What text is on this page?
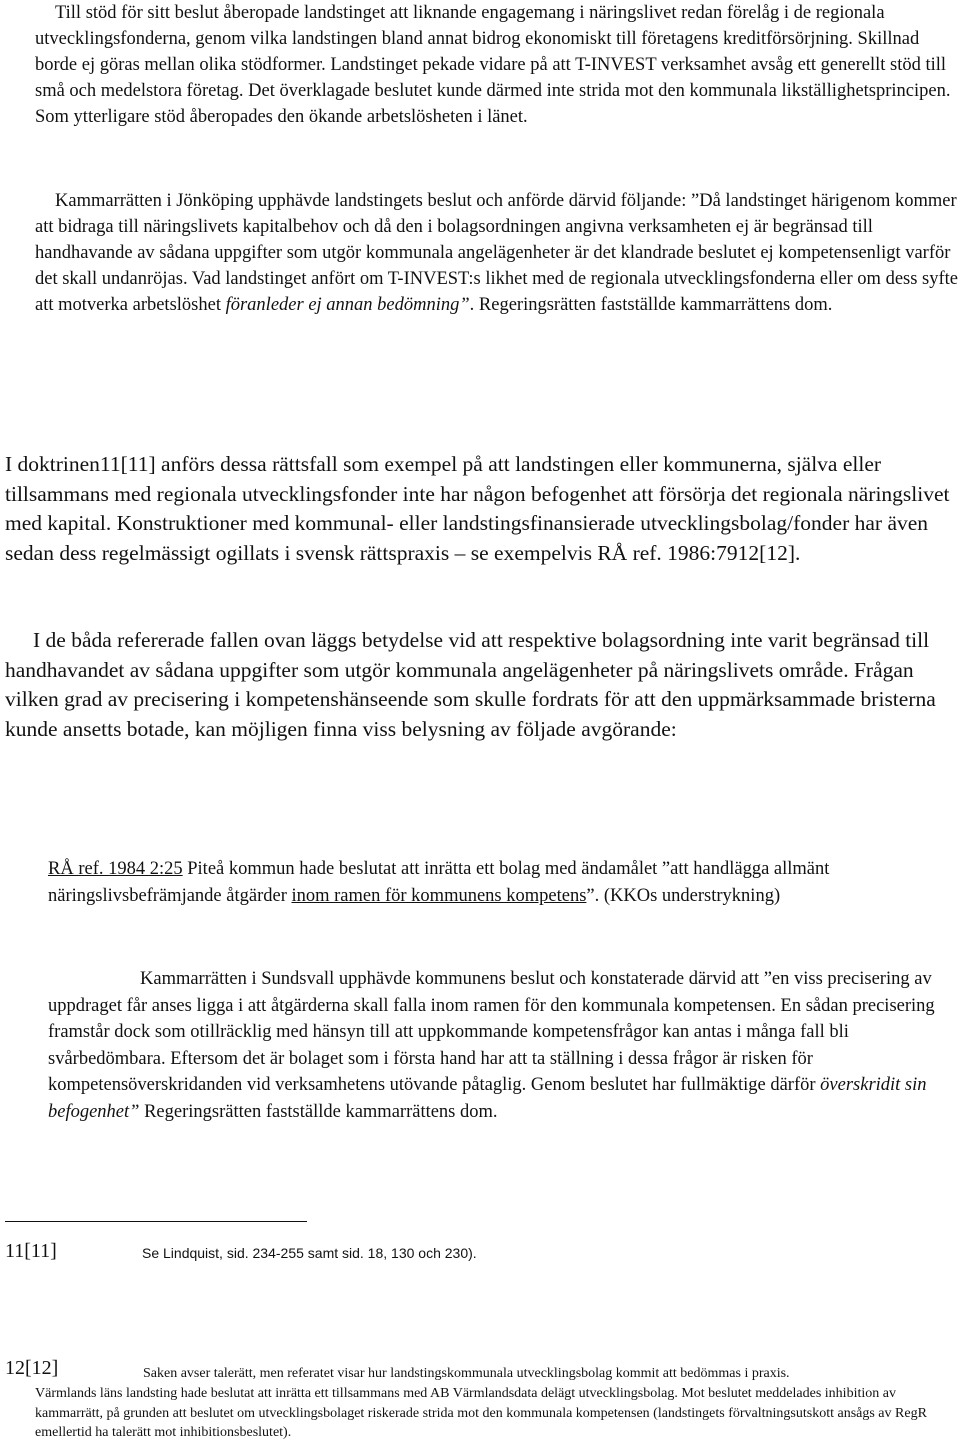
Till stöd för sitt beslut åberopade landstinget att liknande engagemang i näringslivet redan förelåg i de regionala utvecklingsfonderna, genom vilka landstingen bland annat bidrog ekonomiskt till företagens kreditförsörjning. Skillnad borde ej göras mellan olika stödformer. Landstinget pekade vidare på att T-INVEST verksamhet avsåg ett generellt stöd till små och medelstora företag. Det överklagade beslutet kunde därmed inte strida mot den kommunala likställighetsprincipen. Som ytterligare stöd åberopades den ökande arbetslösheten i länet.
Kammarrätten i Jönköping upphävde landstingets beslut och anförde därvid följande: ”Då landstinget härigenom kommer att bidraga till näringslivets kapitalbehov och då den i bolagsordningen angivna verksamheten ej är begränsad till handhavande av sådana uppgifter som utgör kommunala angelägenheter är det klandrade beslutet ej kompetensenligt varför det skall undanröjas. Vad landstinget anfört om T-INVEST:s likhet med de regionala utvecklingsfonderna eller om dess syfte att motverka arbetslöshet föranleder ej annan bedömning”. Regeringsrätten fastställde kammarrättens dom.
I doktrinen11[11] anförs dessa rättsfall som exempel på att landstingen eller kommunerna, själva eller tillsammans med regionala utvecklingsfonder inte har någon befogenhet att försörja det regionala näringslivet med kapital. Konstruktioner med kommunal- eller landstingsfinansierade utvecklingsbolag/fonder har även sedan dess regelmässigt ogillats i svensk rättspraxis – se exempelvis RÅ ref. 1986:7912[12].
I de båda refererade fallen ovan läggs betydelse vid att respektive bolagsordning inte varit begränsad till handhavandet av sådana uppgifter som utgör kommunala angelägenheter på näringslivets område. Frågan vilken grad av precisering i kompetenshänseende som skulle fordrats för att den uppmärksammade bristerna kunde ansetts botade, kan möjligen finna viss belysning av följade avgörande:
RÅ ref. 1984 2:25 Piteå kommun hade beslutat att inrätta ett bolag med ändamålet ”att handlägga allmänt näringslivsbefrämjande åtgärder inom ramen för kommunens kompetens”. (KKOs understrykning)
Kammarrätten i Sundsvall upphävde kommunens beslut och konstaterade därvid att ”en viss precisering av uppdraget får anses ligga i att åtgärderna skall falla inom ramen för den kommunala kompetensen. En sådan precisering framstår dock som otillräcklig med hänsyn till att uppkommande kompetensfrågor kan antas i många fall bli svårbedömbara. Eftersom det är bolaget som i första hand har att ta ställning i dessa frågor är risken för kompetensöverskridanden vid verksamhetens utövande påtaglig. Genom beslutet har fullmäktige därför överskridit sin befogenhet” Regeringsrätten fastställde kammarrättens dom.
11[11]	Se Lindquist, sid. 234-255 samt sid. 18, 130 och 230).
12[12]	Saken avser talerätt, men referatet visar hur landstingskommunala utvecklingsbolag kommit att bedömmas i praxis.
Värmlands läns landsting hade beslutat att inrätta ett tillsammans med AB Värmlandsdata delägt utvecklingsbolag. Mot beslutet meddelades inhibition av kammarrätt, på grunden att beslutet om utvecklingsbolaget riskerade strida mot den kommunala kompetensen (landstingets förvaltningsutskott ansågs av RegR emellertid ha talerätt mot inhibitionsbeslutet).
